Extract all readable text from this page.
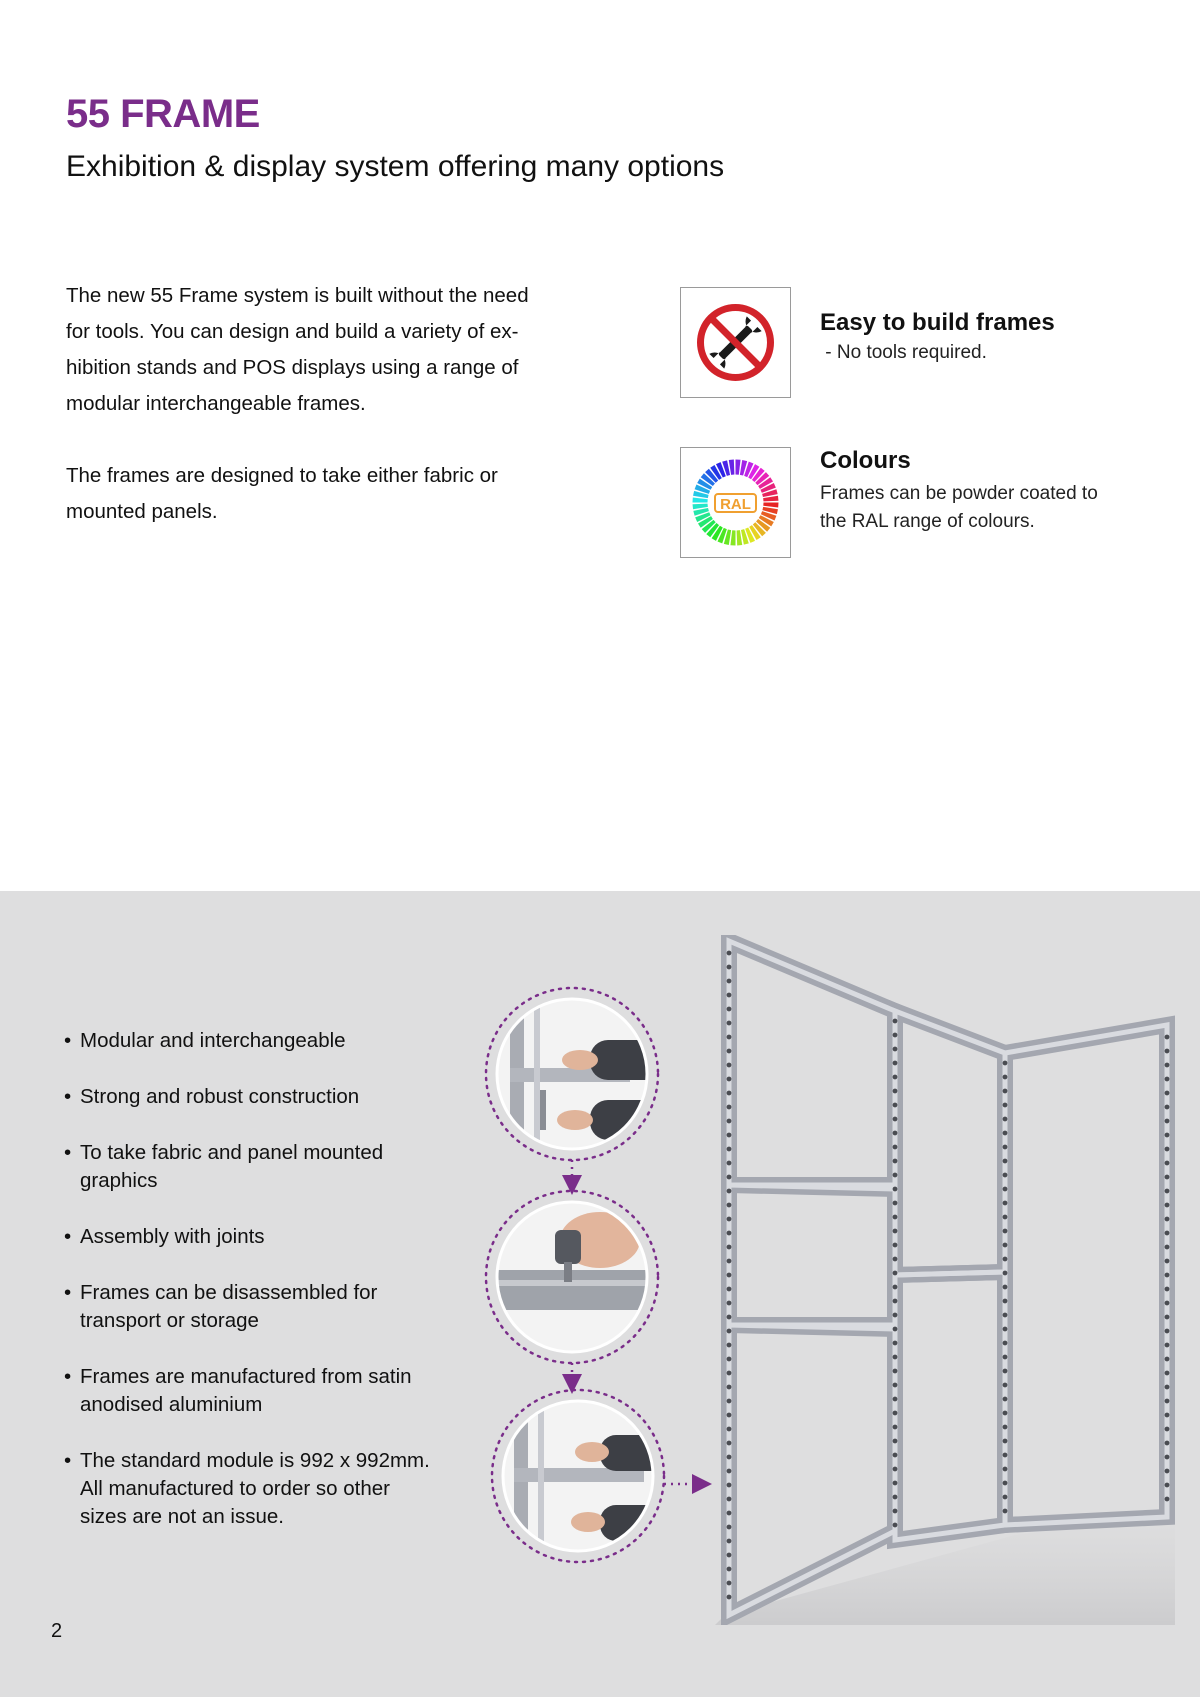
55 FRAME
Exhibition & display system offering many options

The new 55 Frame system is built without the need for tools. You can design and build a variety of ex-hibition stands and POS displays using a range of modular interchangeable frames.

The frames are designed to take either fabric or mounted panels.

Easy to build frames

- No tools required.

RAL
Colours

Frames can be powder coated to the RAL range of colours.

• Modular and interchangeable
• Strong and robust construction
• To take fabric and panel mounted
graphics
• Assembly with joints
• Frames can be disassembled for
transport or storage
• Frames are manufactured from satin
anodised aluminium
• The standard module is 992 x 992mm.
All manufactured to order so other
sizes are not an issue.
2
